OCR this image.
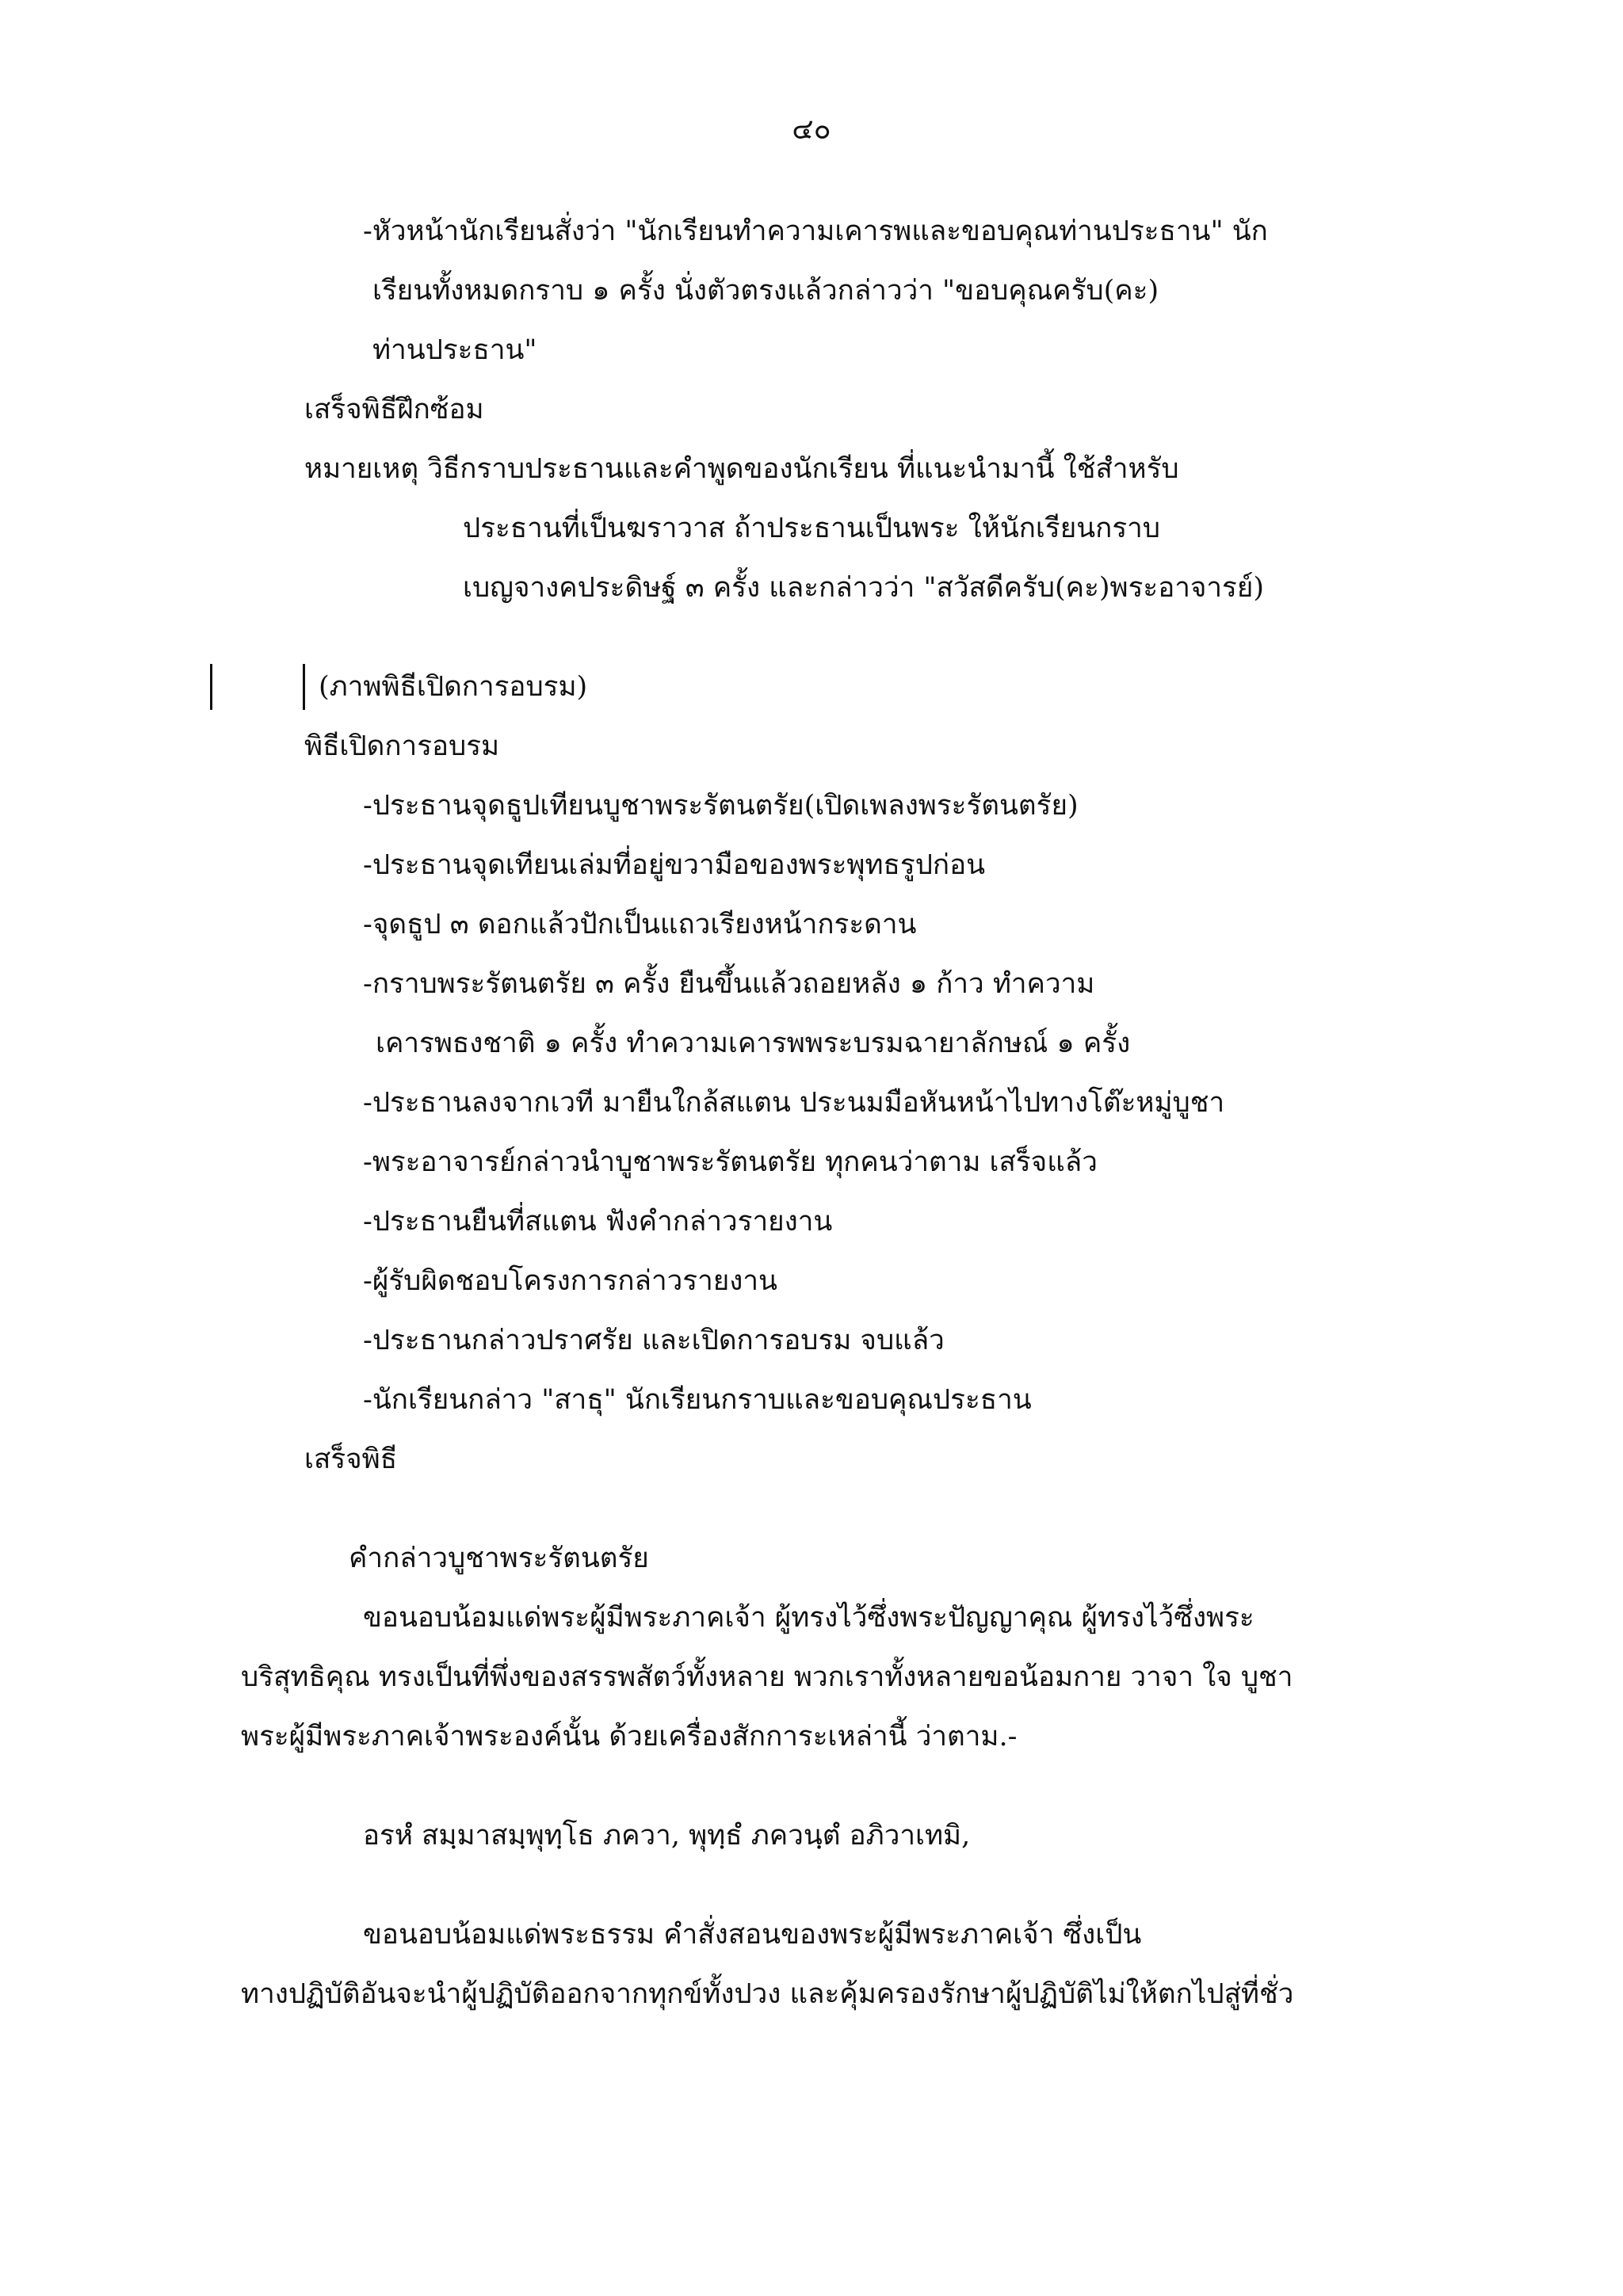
๔๐
-หัวหน้านักเรียนสั่งว่า "นักเรียนทำความเคารพและขอบคุณท่านประธาน" นัก
เรียนทั้งหมดกราบ ๑ ครั้ง นั่งตัวตรงแล้วกล่าวว่า "ขอบคุณครับ(คะ)
ท่านประธาน"
เสร็จพิธีฝึกซ้อม
หมายเหตุ วิธีกราบประธานและคำพูดของนักเรียน ที่แนะนำมานี้ ใช้สำหรับ
ประธานที่เป็นฆราวาส ถ้าประธานเป็นพระ ให้นักเรียนกราบ
เบญจางคประดิษฐ์ ๓ ครั้ง และกล่าวว่า "สวัสดีครับ(คะ)พระอาจารย์)
(ภาพพิธีเปิดการอบรม)
พิธีเปิดการอบรม
-ประธานจุดธูปเทียนบูชาพระรัตนตรัย(เปิดเพลงพระรัตนตรัย)
-ประธานจุดเทียนเล่มที่อยู่ขวามือของพระพุทธรูปก่อน
-จุดธูป ๓ ดอกแล้วปักเป็นแถวเรียงหน้ากระดาน
-กราบพระรัตนตรัย ๓ ครั้ง ยืนขึ้นแล้วถอยหลัง ๑ ก้าว ทำความ
เคารพธงชาติ ๑ ครั้ง ทำความเคารพพระบรมฉายาลักษณ์ ๑ ครั้ง
-ประธานลงจากเวที มายืนใกล้สแตน ประนมมือหันหน้าไปทางโต๊ะหมู่บูชา
-พระอาจารย์กล่าวนำบูชาพระรัตนตรัย ทุกคนว่าตาม เสร็จแล้ว
-ประธานยืนที่สแตน ฟังคำกล่าวรายงาน
-ผู้รับผิดชอบโครงการกล่าวรายงาน
-ประธานกล่าวปราศรัย และเปิดการอบรม จบแล้ว
-นักเรียนกล่าว "สาธุ" นักเรียนกราบและขอบคุณประธาน
เสร็จพิธี
คำกล่าวบูชาพระรัตนตรัย
ขอนอบน้อมแด่พระผู้มีพระภาคเจ้า ผู้ทรงไว้ซึ่งพระปัญญาคุณ ผู้ทรงไว้ซึ่งพระ
บริสุทธิคุณ ทรงเป็นที่พึ่งของสรรพสัตว์ทั้งหลาย พวกเราทั้งหลายขอน้อมกาย วาจา ใจ บูชา
พระผู้มีพระภาคเจ้าพระองค์นั้น ด้วยเครื่องสักการะเหล่านี้ ว่าตาม.-
อรหํ สมฺมาสมฺพุทฺโธ ภควา, พุทฺธํ ภควนฺตํ อภิวาเทมิ,
ขอนอบน้อมแด่พระธรรม คำสั่งสอนของพระผู้มีพระภาคเจ้า ซึ่งเป็น
ทางปฏิบัติอันจะนำผู้ปฏิบัติออกจากทุกข์ทั้งปวง และคุ้มครองรักษาผู้ปฏิบัติไม่ให้ตกไปสู่ที่ชั่ว
